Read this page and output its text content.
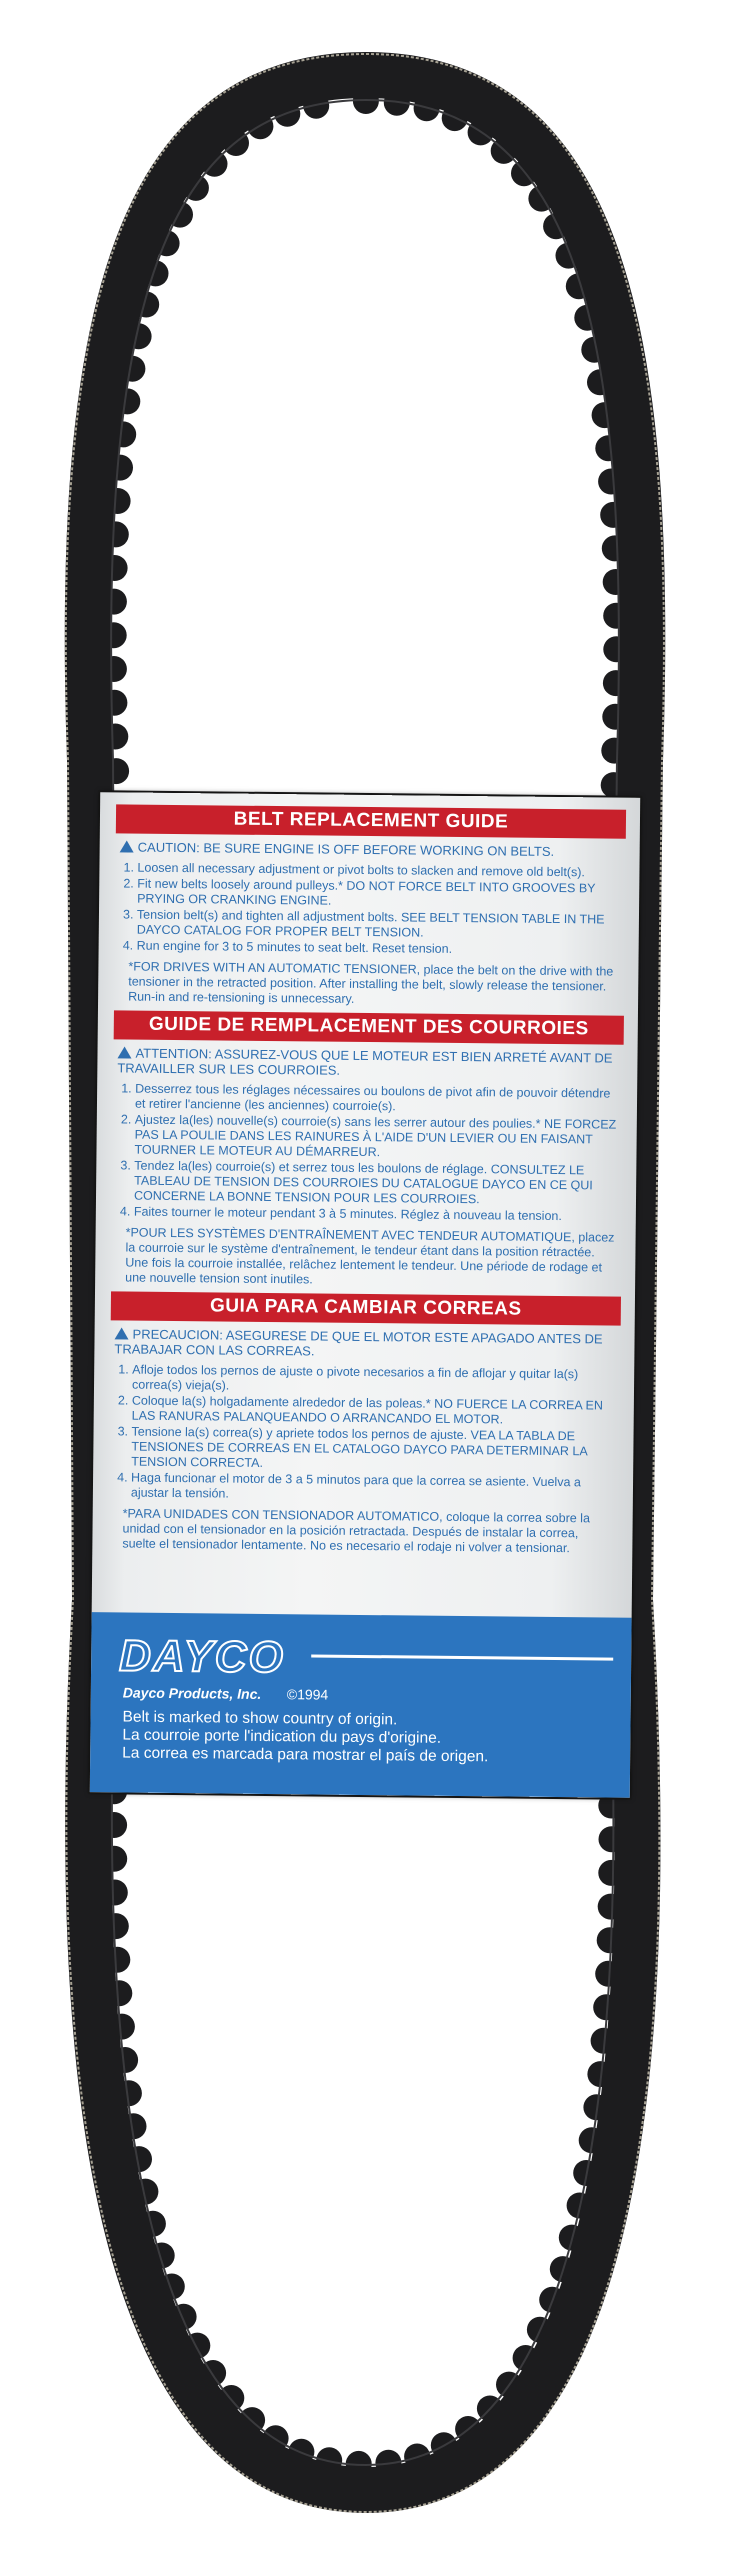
BELT REPLACEMENT GUIDE
CAUTION: BE SURE ENGINE IS OFF BEFORE WORKING ON BELTS.
1. Loosen all necessary adjustment or pivot bolts to slacken and remove old belt(s).
2. Fit new belts loosely around pulleys.* DO NOT FORCE BELT INTO GROOVES BY PRYING OR CRANKING ENGINE.
3. Tension belt(s) and tighten all adjustment bolts. SEE BELT TENSION TABLE IN THE DAYCO CATALOG FOR PROPER BELT TENSION.
4. Run engine for 3 to 5 minutes to seat belt. Reset tension.
*FOR DRIVES WITH AN AUTOMATIC TENSIONER, place the belt on the drive with the tensioner in the retracted position. After installing the belt, slowly release the tensioner. Run-in and re-tensioning is unnecessary.
GUIDE DE REMPLACEMENT DES COURROIES
ATTENTION: ASSUREZ-VOUS QUE LE MOTEUR EST BIEN ARRETÉ AVANT DE TRAVAILLER SUR LES COURROIES.
1. Desserrez tous les réglages nécessaires ou boulons de pivot afin de pouvoir détendre et retirer l'ancienne (les anciennes) courroie(s).
2. Ajustez la(les) nouvelle(s) courroie(s) sans les serrer autour des poulies.* NE FORCEZ PAS LA POULIE DANS LES RAINURES À L'AIDE D'UN LEVIER OU EN FAISANT TOURNER LE MOTEUR AU DÉMARREUR.
3. Tendez la(les) courroie(s) et serrez tous les boulons de réglage. CONSULTEZ LE TABLEAU DE TENSION DES COURROIES DU CATALOGUE DAYCO EN CE QUI CONCERNE LA BONNE TENSION POUR LES COURROIES.
4. Faites tourner le moteur pendant 3 à 5 minutes. Réglez à nouveau la tension.
*POUR LES SYSTÈMES D'ENTRAÎNEMENT AVEC TENDEUR AUTOMATIQUE, placez la courroie sur le système d'entraînement, le tendeur étant dans la position rétractée. Une fois la courroie installée, relâchez lentement le tendeur. Une période de rodage et une nouvelle tension sont inutiles.
GUIA PARA CAMBIAR CORREAS
PRECAUCION: ASEGURESE DE QUE EL MOTOR ESTE APAGADO ANTES DE TRABAJAR CON LAS CORREAS.
1. Afloje todos los pernos de ajuste o pivote necesarios a fin de aflojar y quitar la(s) correa(s) vieja(s).
2. Coloque la(s) holgadamente alrededor de las poleas.* NO FUERCE LA CORREA EN LAS RANURAS PALANQUEANDO O ARRANCANDO EL MOTOR.
3. Tensione la(s) correa(s) y apriete todos los pernos de ajuste. VEA LA TABLA DE TENSIONES DE CORREAS EN EL CATALOGO DAYCO PARA DETERMINAR LA TENSION CORRECTA.
4. Haga funcionar el motor de 3 a 5 minutos para que la correa se asiente. Vuelva a ajustar la tensión.
*PARA UNIDADES CON TENSIONADOR AUTOMATICO, coloque la correa sobre la unidad con el tensionador en la posición retractada. Después de instalar la correa, suelte el tensionador lentamente. No es necesario el rodaje ni volver a tensionar.
DAYCO
Dayco Products, Inc. ©1994
Belt is marked to show country of origin.
La courroie porte l'indication du pays d'origine.
La correa es marcada para mostrar el país de origen.
